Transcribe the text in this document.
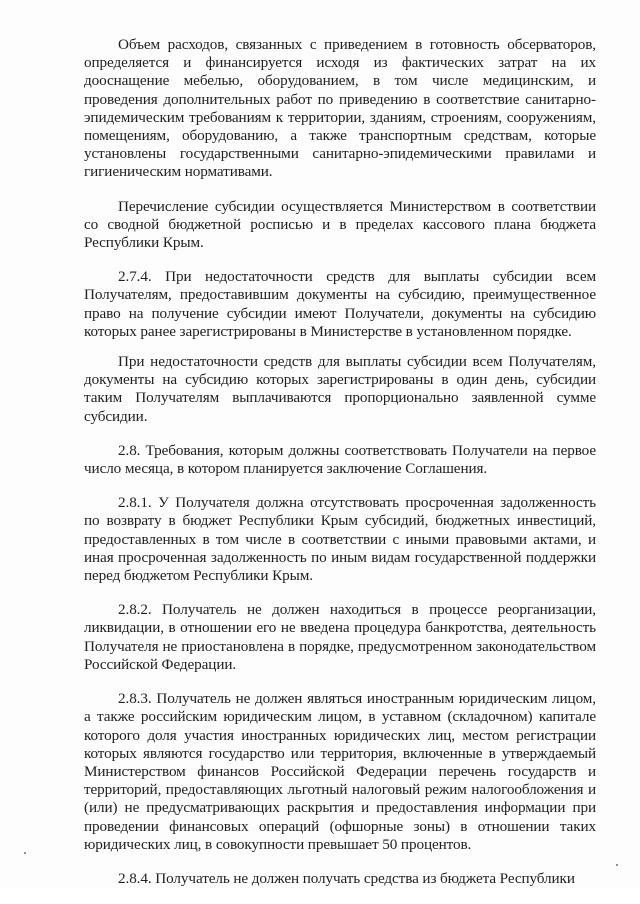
Объем расходов, связанных с приведением в готовность обсерваторов, определяется и финансируется исходя из фактических затрат на их дооснащение мебелью, оборудованием, в том числе медицинским, и проведения дополнительных работ по приведению в соответствие санитарно-эпидемическим требованиям к территории, зданиям, строениям, сооружениям, помещениям, оборудованию, а также транспортным средствам, которые установлены государственными санитарно-эпидемическими правилами и гигиеническим нормативами.

Перечисление субсидии осуществляется Министерством в соответствии со сводной бюджетной росписью и в пределах кассового плана бюджета Республики Крым.

2.7.4. При недостаточности средств для выплаты субсидии всем Получателям, предоставившим документы на субсидию, преимущественное право на получение субсидии имеют Получатели, документы на субсидию которых ранее зарегистрированы в Министерстве в установленном порядке.

При недостаточности средств для выплаты субсидии всем Получателям, документы на субсидию которых зарегистрированы в один день, субсидии таким Получателям выплачиваются пропорционально заявленной сумме субсидии.

2.8. Требования, которым должны соответствовать Получатели на первое число месяца, в котором планируется заключение Соглашения.

2.8.1. У Получателя должна отсутствовать просроченная задолженность по возврату в бюджет Республики Крым субсидий, бюджетных инвестиций, предоставленных в том числе в соответствии с иными правовыми актами, и иная просроченная задолженность по иным видам государственной поддержки перед бюджетом Республики Крым.

2.8.2. Получатель не должен находиться в процессе реорганизации, ликвидации, в отношении его не введена процедура банкротства, деятельность Получателя не приостановлена в порядке, предусмотренном законодательством Российской Федерации.

2.8.3. Получатель не должен являться иностранным юридическим лицом, а также российским юридическим лицом, в уставном (складочном) капитале которого доля участия иностранных юридических лиц, местом регистрации которых являются государство или территория, включенные в утверждаемый Министерством финансов Российской Федерации перечень государств и территорий, предоставляющих льготный налоговый режим налогообложения и (или) не предусматривающих раскрытия и предоставления информации при проведении финансовых операций (офшорные зоны) в отношении таких юридических лиц, в совокупности превышает 50 процентов.

2.8.4. Получатель не должен получать средства из бюджета Республики
